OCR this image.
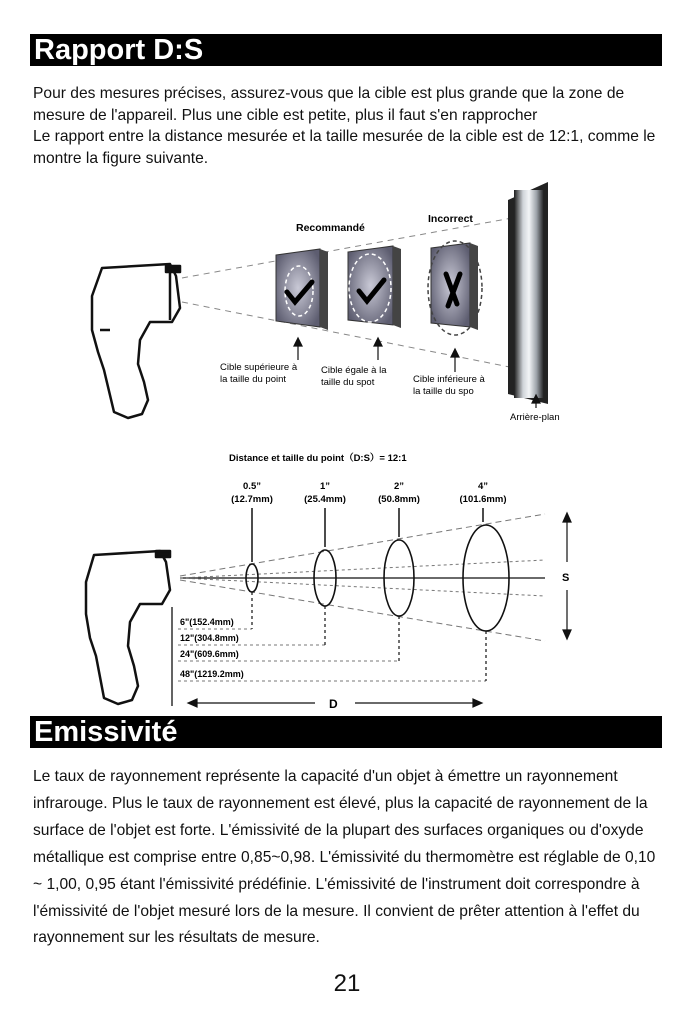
Rapport D:S

Pour des mesures précises, assurez-vous que la cible est plus grande que la zone de mesure de l'appareil. Plus une cible est petite, plus il faut s'en rapprocher

Le rapport entre la distance mesurée et la taille mesurée de la cible est de 12:1, comme le montre la figure suivante.

Recommandé
Incorrect
Cible supérieure à
la taille du point
Cible égale à la
taille du spot	Cible inférieure à
la taille du spo
Arrière-plan
Distance et taille du point（D:S）= 12:1
0.5”
(12.7mm)
1”
(25.4mm)
2”
(50.8mm)
4”
(101.6mm)
S
6"(152.4mm)
12"(304.8mm)
24"(609.6mm)
48"(1219.2mm)
D
Emissivité

Le taux de rayonnement représente la capacité d'un objet à émettre un rayonnement infrarouge. Plus le taux de rayonnement est élevé, plus la capacité de rayonnement de la surface de l'objet est forte. L'émissivité de la plupart des surfaces organiques ou d'oxyde métallique est comprise entre 0,85~0,98. L'émissivité du thermomètre est réglable de 0,10 ~ 1,00, 0,95 étant l'émissivité prédéfinie. L'émissivité de l'instrument doit correspondre à l'émissivité de l'objet mesuré lors de la mesure. Il convient de prêter attention à l'effet du rayonnement sur les résultats de mesure.

21
